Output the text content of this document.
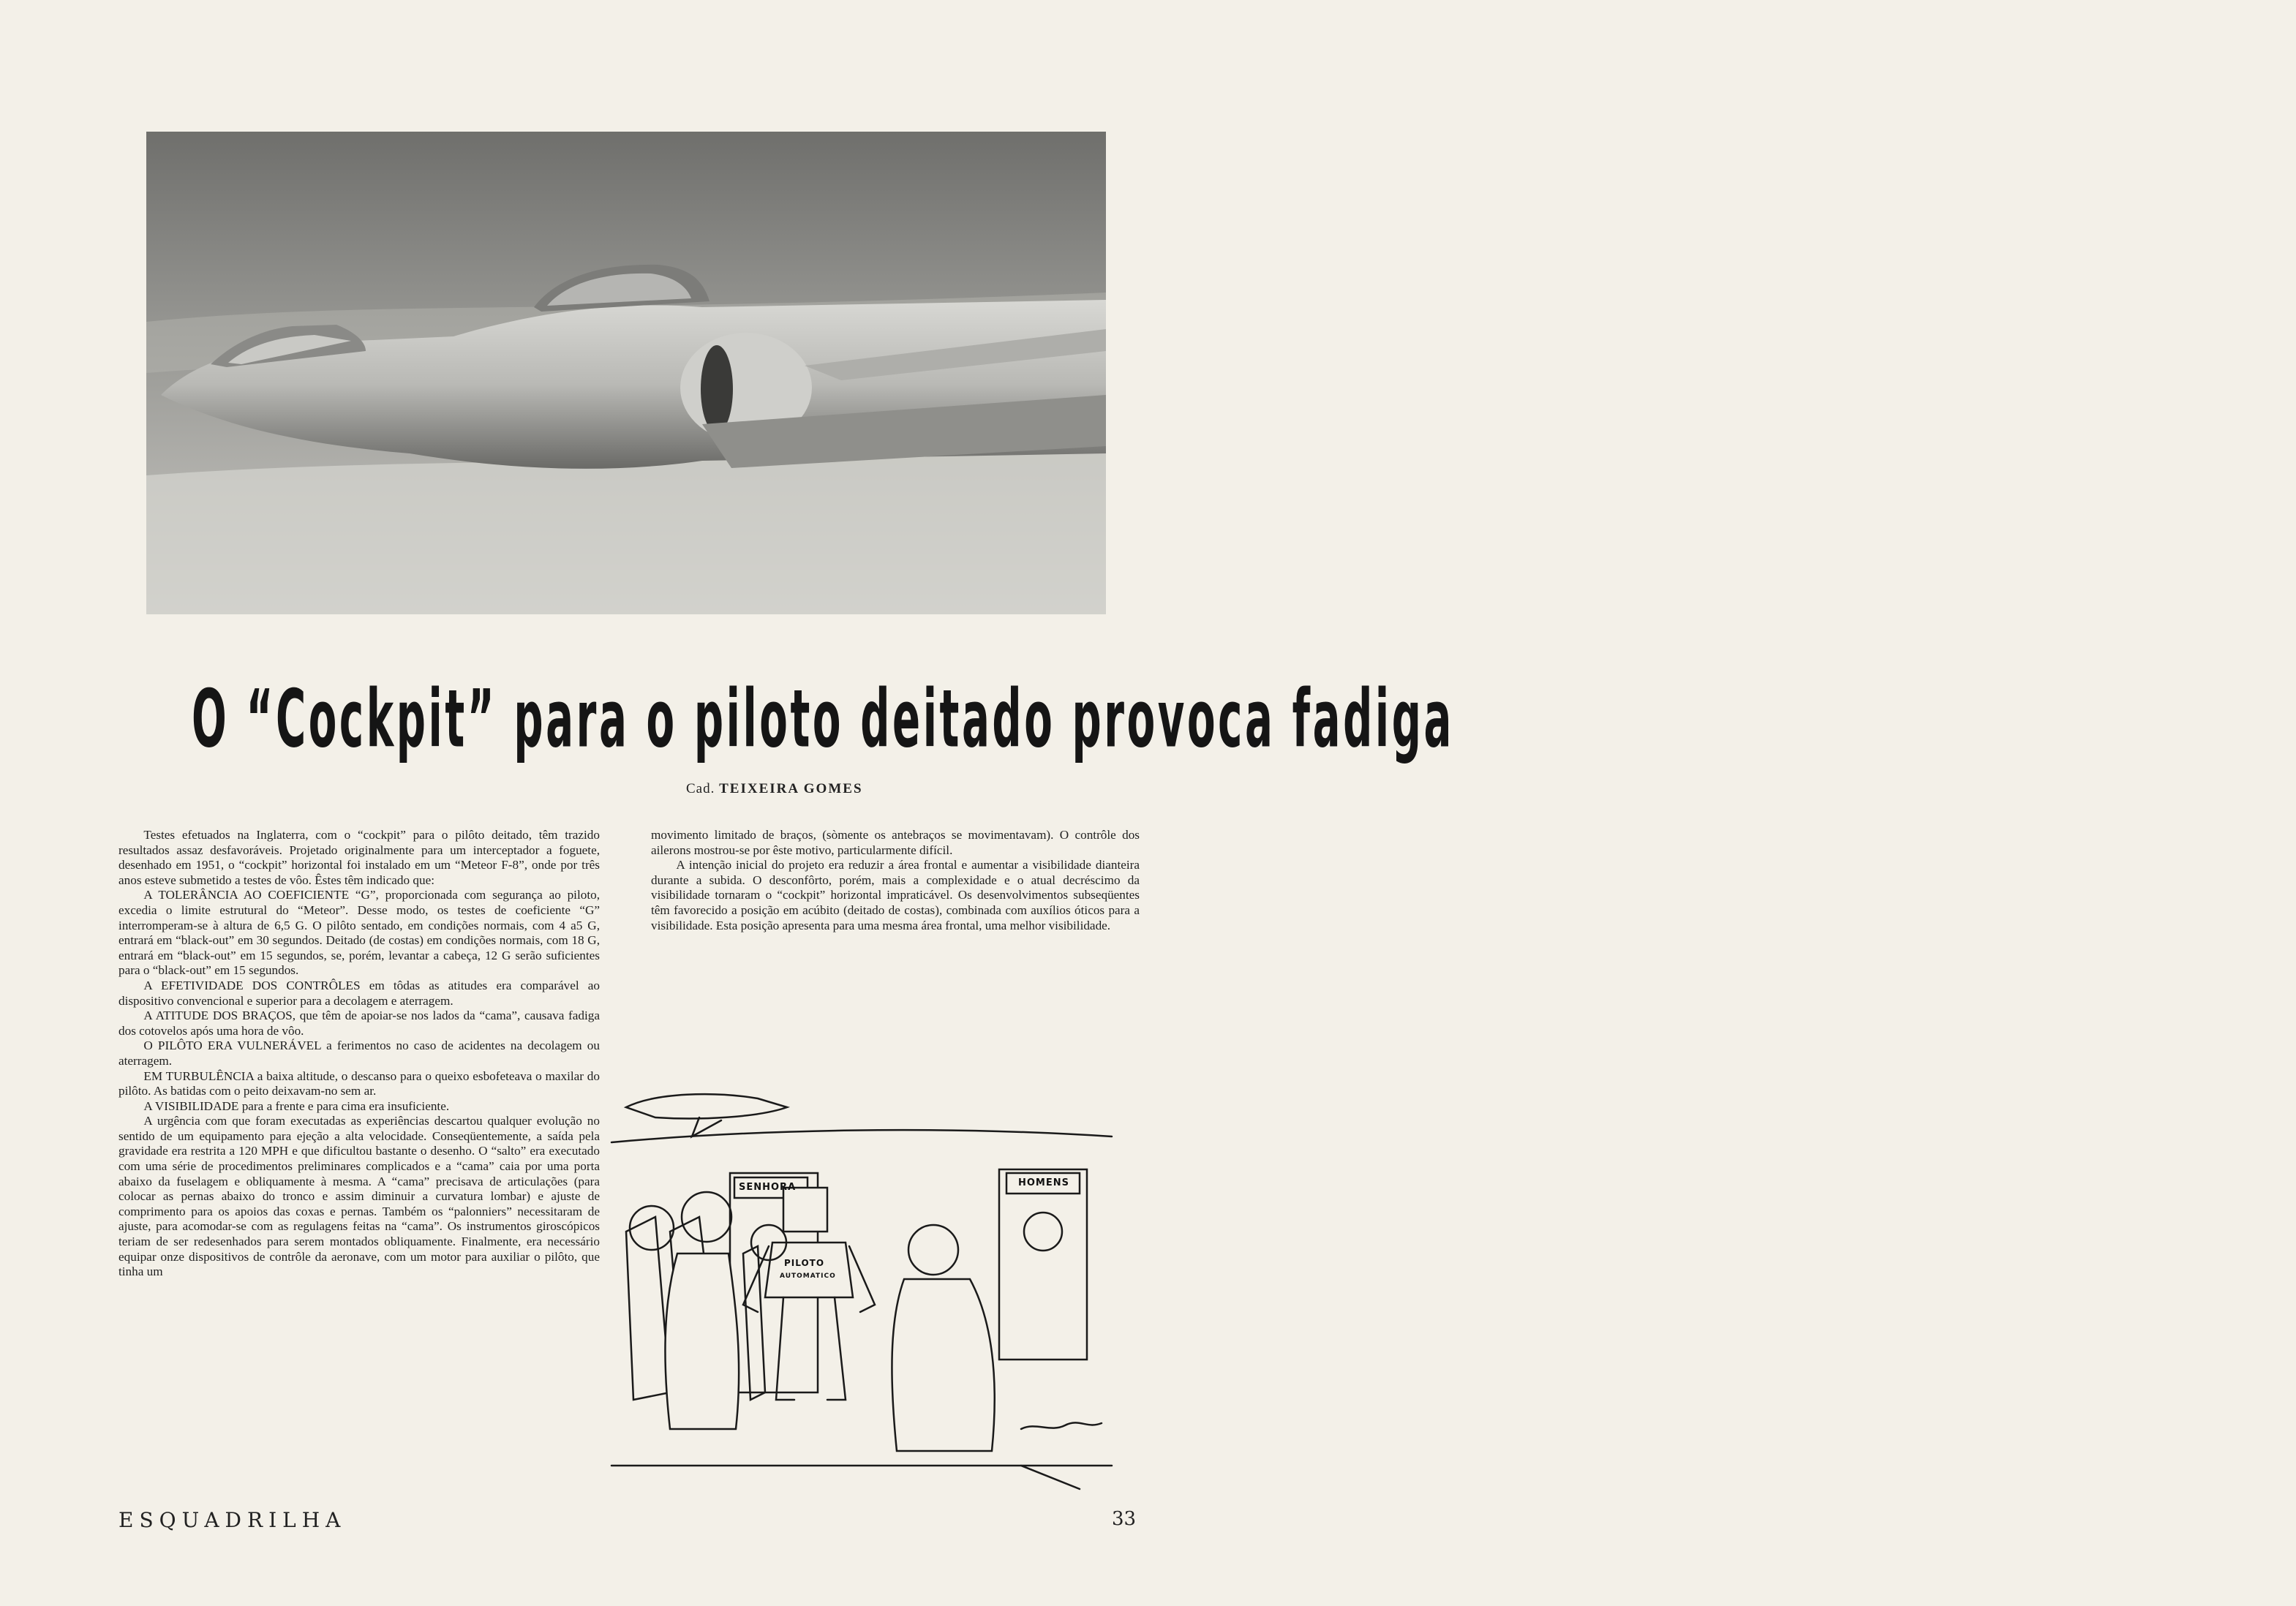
O “Cockpit” para o piloto deitado provoca fadiga
Cad. TEIXEIRA GOMES

Testes efetuados na Inglaterra, com o “cockpit” para o pilôto deitado, têm trazido resultados assaz desfavoráveis. Projetado originalmente para um interceptador a foguete, desenhado em 1951, o “cockpit” horizontal foi instalado em um “Meteor F-8”, onde por três anos esteve submetido a testes de vôo. Êstes têm indicado que:

A TOLERÂNCIA AO COEFICIENTE “G”, proporcionada com segurança ao piloto, excedia o limite estrutural do “Meteor”. Desse modo, os testes de coeficiente “G” interromperam-se à altura de 6,5 G. O pilôto sentado, em condições normais, com 4 a5 G, entrará em “black-out” em 30 segundos. Deitado (de costas) em condições normais, com 18 G, entrará em “black-out” em 15 segundos, se, porém, levantar a cabeça, 12 G serão suficientes para o “black-out” em 15 segundos.

A EFETIVIDADE DOS CONTRÔLES em tôdas as atitudes era comparável ao dispositivo convencional e superior para a decolagem e aterragem.

A ATITUDE DOS BRAÇOS, que têm de apoiar-se nos lados da “cama”, causava fadiga dos cotovelos após uma hora de vôo.

O PILÔTO ERA VULNERÁVEL a ferimentos no caso de acidentes na decolagem ou aterragem.

EM TURBULÊNCIA a baixa altitude, o descanso para o queixo esbofeteava o maxilar do pilôto. As batidas com o peito deixavam-no sem ar.

A VISIBILIDADE para a frente e para cima era insuficiente.

A urgência com que foram executadas as experiências descartou qualquer evolução no sentido de um equipamento para ejeção a alta velocidade. Conseqüentemente, a saída pela gravidade era restrita a 120 MPH e que dificultou bastante o desenho. O “salto” era executado com uma série de procedimentos preliminares complicados e a “cama” caia por uma porta abaixo da fuselagem e obliquamente à mesma. A “cama” precisava de articulações (para colocar as pernas abaixo do tronco e assim diminuir a curvatura lombar) e ajuste de comprimento para os apoios das coxas e pernas. Também os “palonniers” necessitaram de ajuste, para acomodar-se com as regulagens feitas na “cama”. Os instrumentos giroscópicos teriam de ser redesenhados para serem montados obliquamente. Finalmente, era necessário equipar onze dispositivos de contrôle da aeronave, com um motor para auxiliar o pilôto, que tinha um

movimento limitado de braços, (sòmente os antebraços se movimentavam). O contrôle dos ailerons mostrou-se por êste motivo, particularmente difícil.

A intenção inicial do projeto era reduzir a área frontal e aumentar a visibilidade dianteira durante a subida. O desconfôrto, porém, mais a complexidade e o atual decréscimo da visibilidade tornaram o “cockpit” horizontal impraticável. Os desenvolvimentos subseqüentes têm favorecido a posição em acúbito (deitado de costas), combinada com auxílios óticos para a visibilidade. Esta posição apresenta para uma mesma área frontal, uma melhor visibilidade.

SENHORA	HOMENS
PILOTO
AUTOMATICO
ESQUADRILHA	33
